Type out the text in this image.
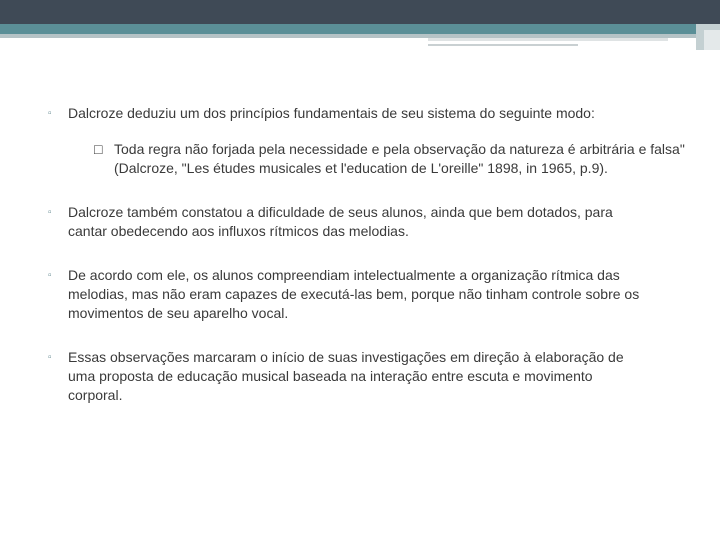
▫ Dalcroze deduziu um dos princípios fundamentais de seu sistema do seguinte modo:
□ Toda regra não forjada pela necessidade e pela observação da natureza é arbitrária e falsa" (Dalcroze, "Les études musicales et l'education de L'oreille" 1898, in 1965, p.9).
▫ Dalcroze também constatou a dificuldade de seus alunos, ainda que bem dotados, para cantar obedecendo aos influxos rítmicos das melodias.
▫ De acordo com ele, os alunos compreendiam intelectualmente a organização rítmica das melodias, mas não eram capazes de executá-las bem, porque não tinham controle sobre os movimentos de seu aparelho vocal.
▫ Essas observações marcaram o início de suas investigações em direção à elaboração de uma proposta de educação musical baseada na interação entre escuta e movimento corporal.
